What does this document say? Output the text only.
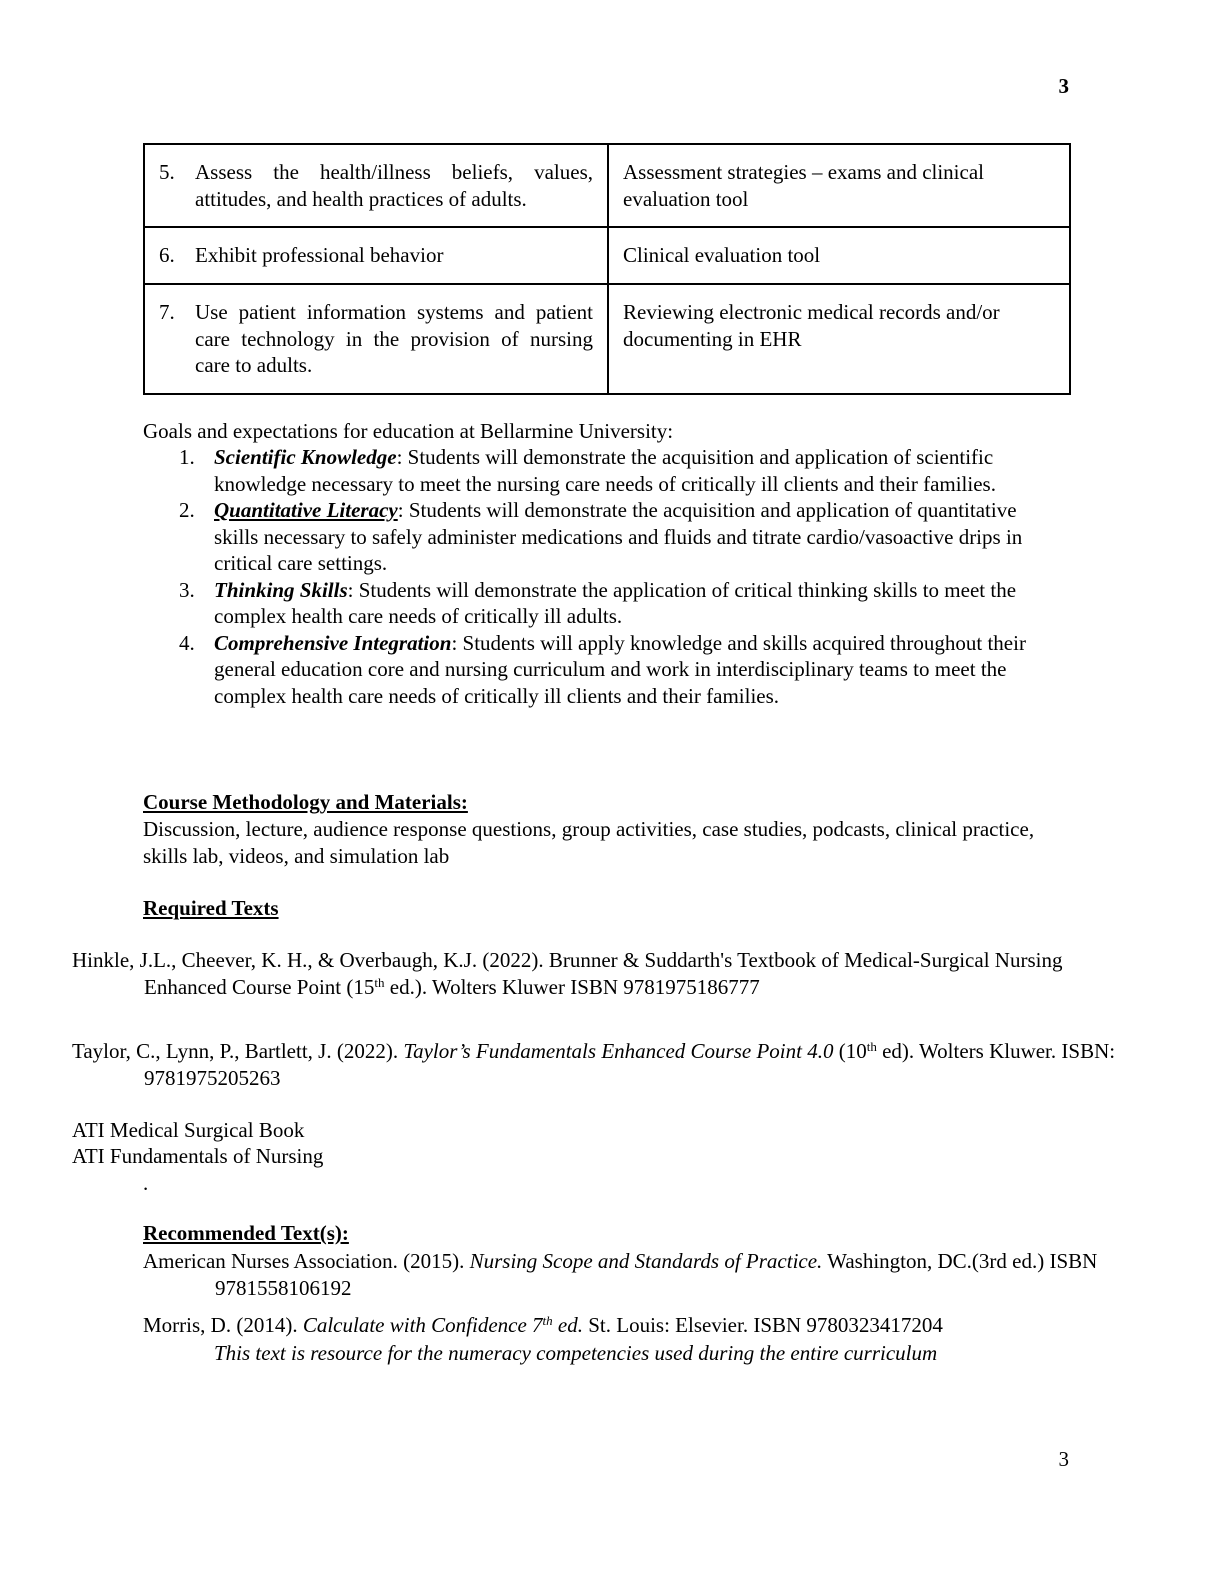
3
5. Assess the health/illness beliefs, values, attitudes, and health practices of adults.	Assessment strategies – exams and clinical evaluation tool
6. Exhibit professional behavior	Clinical evaluation tool
7. Use patient information systems and patient care technology in the provision of nursing care to adults.	Reviewing electronic medical records and/or documenting in EHR
Goals and expectations for education at Bellarmine University:
1. Scientific Knowledge: Students will demonstrate the acquisition and application of scientific knowledge necessary to meet the nursing care needs of critically ill clients and their families.
2. Quantitative Literacy: Students will demonstrate the acquisition and application of quantitative skills necessary to safely administer medications and fluids and titrate cardio/vasoactive drips in critical care settings.
3. Thinking Skills: Students will demonstrate the application of critical thinking skills to meet the complex health care needs of critically ill adults.
4. Comprehensive Integration: Students will apply knowledge and skills acquired throughout their general education core and nursing curriculum and work in interdisciplinary teams to meet the complex health care needs of critically ill clients and their families.
Course Methodology and Materials:
Discussion, lecture, audience response questions, group activities, case studies, podcasts, clinical practice, skills lab, videos, and simulation lab
Required Texts
Hinkle, J.L., Cheever, K. H., & Overbaugh, K.J. (2022). Brunner & Suddarth's Textbook of Medical-Surgical Nursing Enhanced Course Point (15th ed.). Wolters Kluwer ISBN 9781975186777
Taylor, C., Lynn, P., Bartlett, J. (2022). Taylor’s Fundamentals Enhanced Course Point 4.0 (10th ed). Wolters Kluwer. ISBN: 9781975205263
ATI Medical Surgical Book
ATI Fundamentals of Nursing
.
Recommended Text(s):
American Nurses Association. (2015). Nursing Scope and Standards of Practice. Washington, DC.(3rd ed.) ISBN 9781558106192
Morris, D. (2014). Calculate with Confidence 7th ed. St. Louis: Elsevier. ISBN 9780323417204
This text is resource for the numeracy competencies used during the entire curriculum
3
